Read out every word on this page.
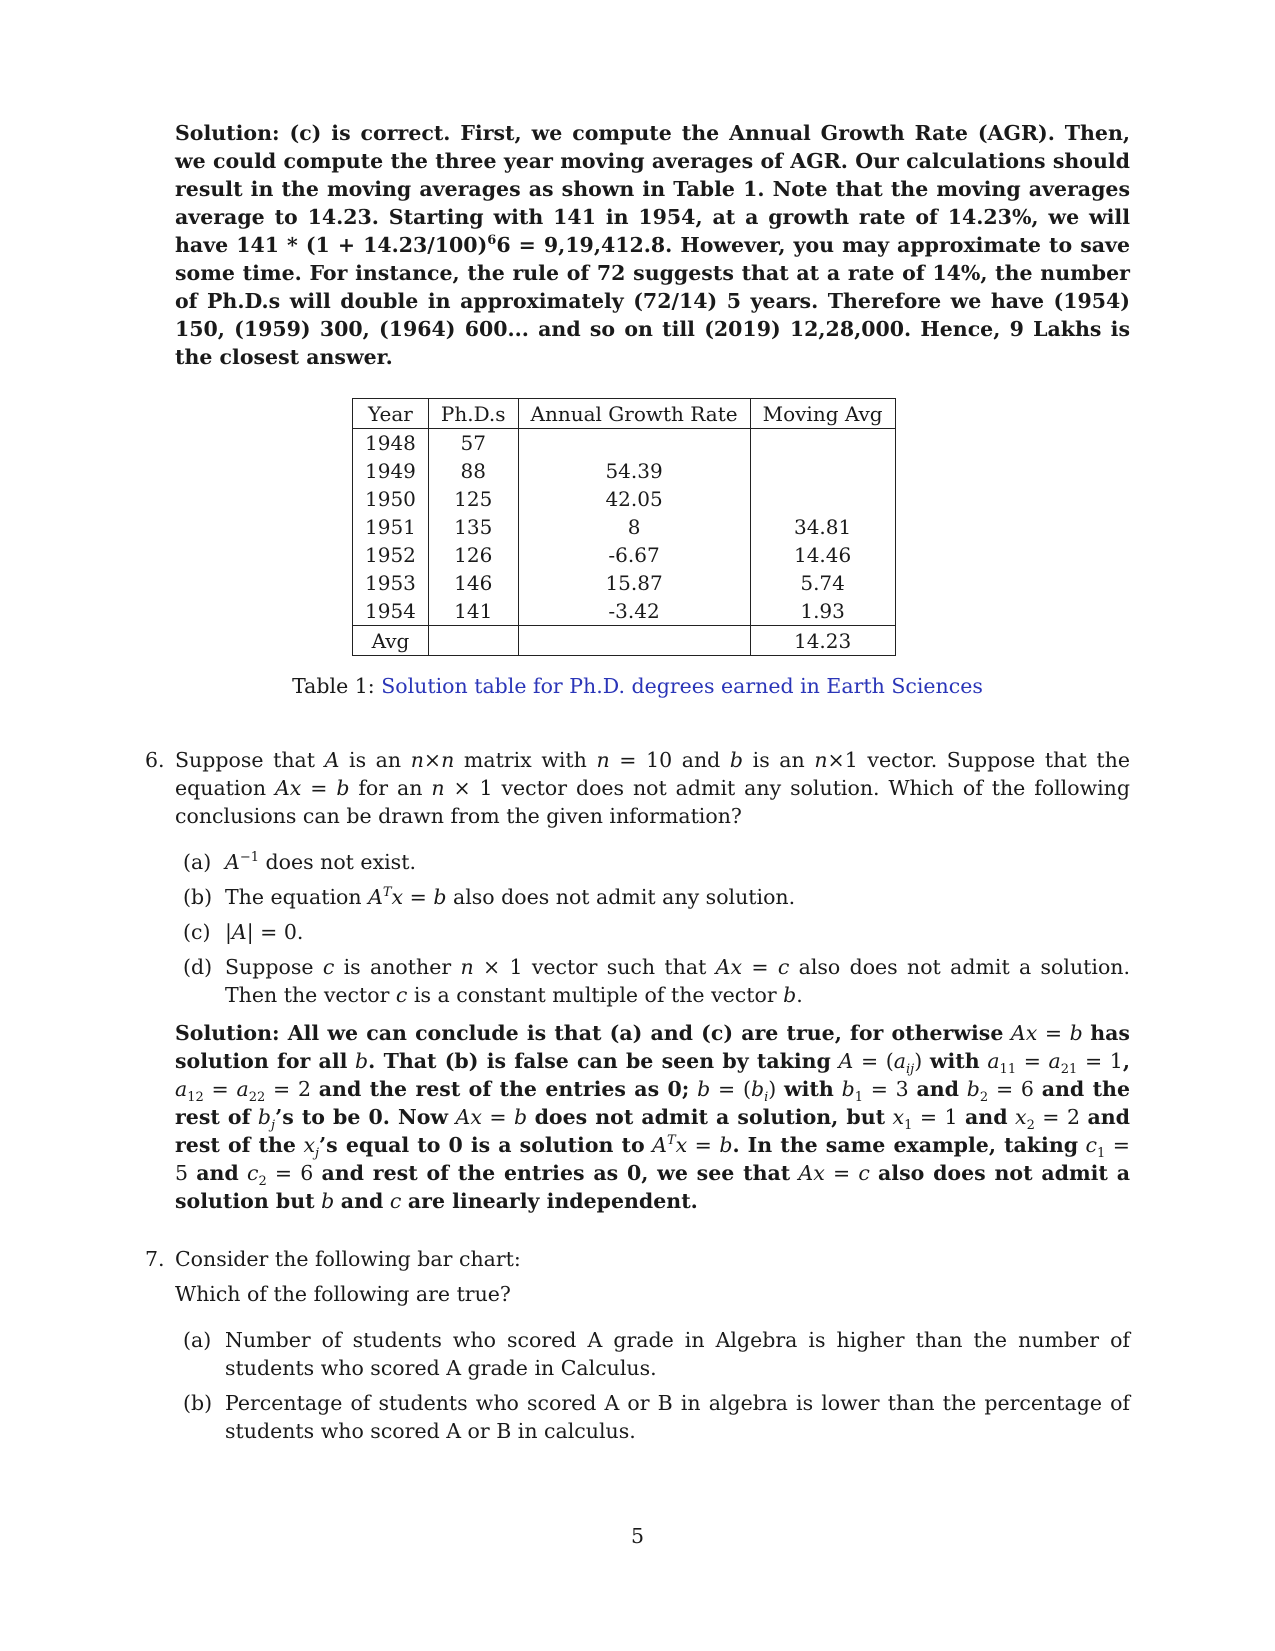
Solution: (c) is correct. First, we compute the Annual Growth Rate (AGR). Then, we could compute the three year moving averages of AGR. Our calculations should result in the moving averages as shown in Table 1. Note that the moving averages average to 14.23. Starting with 141 in 1954, at a growth rate of 14.23%, we will have $141 * (1 + 14.23/100)^66 = 9,19,412.8$. However, you may approximate to save some time. For instance, the rule of 72 suggests that at a rate of 14%, the number of Ph.D.s will double in approximately (72/14) 5 years. Therefore we have (1954) 150, (1959) 300, (1964) 600... and so on till (2019) 12,28,000. Hence, 9 Lakhs is the closest answer.

Year	Ph.D.s	Annual Growth Rate	Moving Avg
1948	57		
1949	88	54.39	
1950	125	42.05	
1951	135	8	34.81
1952	126	-6.67	14.46
1953	146	15.87	5.74
1954	141	-3.42	1.93
Avg			14.23
Table 1: Solution table for Ph.D. degrees earned in Earth Sciences
6. Suppose that A is an n×n matrix with n = 10 and b is an n×1 vector. Suppose that the equation Ax = b for an n × 1 vector does not admit any solution. Which of the following conclusions can be drawn from the given information?

(a) $A^{-1}$ does not exist.
(b) The equation $A^Tx = b$ also does not admit any solution.
(c) |A| = 0.
(d) Suppose c is another n × 1 vector such that Ax = c also does not admit a solution. Then the vector c is a constant multiple of the vector b.

Solution: All we can conclude is that (a) and (c) are true, for otherwise Ax = b has solution for all b. That (b) is false can be seen by taking $A = (a_{ij})$ with $a_{11} = a_{21} = 1$, $a_{12} = a_{22} = 2$ and the rest of the entries as 0; $b = (b_i)$ with $b_1 = 3$ and $b_2 = 6$ and the rest of $b_j’s$ to be 0. Now Ax = b does not admit a solution, but $x_1 = 1$ and $x_2 = 2$ and rest of the $x_j’s$ equal to 0 is a solution to $A^Tx = b$. In the same example, taking $c_1 = 5$ and $c_2 = 6$ and rest of the entries as 0, we see that Ax = c also does not admit a solution but b and c are linearly independent.

7. Consider the following bar chart:

Which of the following are true?

(a) Number of students who scored A grade in Algebra is higher than the number of students who scored A grade in Calculus.
(b) Percentage of students who scored A or B in algebra is lower than the percentage of students who scored A or B in calculus.
5
